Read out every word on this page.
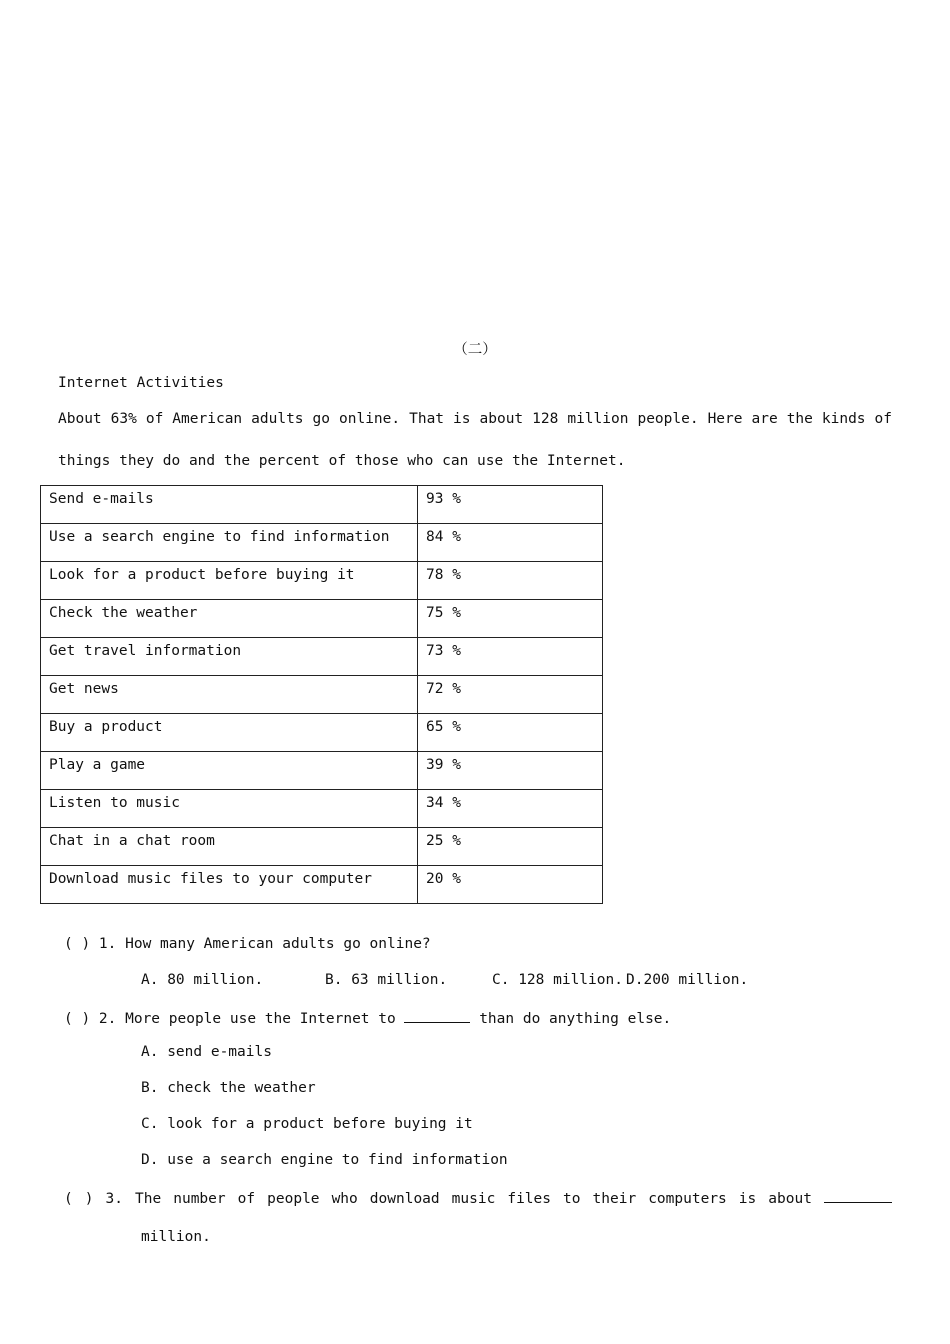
（二）
Internet Activities
About 63% of American adults go online. That is about 128 million people. Here are the kinds of
things they do and the percent of those who can use the Internet.
Send e-mails	93 %
Use a search engine to find information	84 %
Look for a product before buying it	78 %
Check the weather	75 %
Get travel information	73 %
Get news	72 %
Buy a product	65 %
Play a game	39 %
Listen to music	34 %
Chat in a chat room	25 %
Download music files to your computer	20 %
( ) 1. How many American adults go online?
A. 80 million.	B. 63 million.	C. 128 million. D.200 million.
( ) 2. More people use the Internet to	than do anything else.
A. send e-mails
B. check the weather
C. look for a product before buying it
D. use a search engine to find information
( ) 3. The number of people who download music files to their computers is about
million.
